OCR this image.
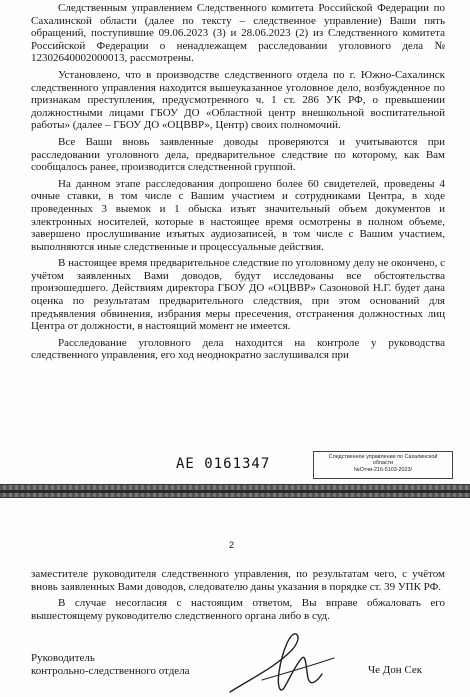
Следственным управлением Следственного комитета Российской Федерации по Сахалинской области (далее по тексту – следственное управление) Ваши пять обращений, поступившие 09.06.2023 (3) и 28.06.2023 (2) из Следственного комитета Российской Федерации о ненадлежащем расследовании уголовного дела № 12302640002000013, рассмотрены.

Установлено, что в производстве следственного отдела по г. Южно-Сахалинск следственного управления находится вышеуказанное уголовное дело, возбужденное по признакам преступления, предусмотренного ч. 1 ст. 286 УК РФ, о превышении должностными лицами ГБОУ ДО «Областной центр внешкольной воспитательной работы» (далее – ГБОУ ДО «ОЦВВР», Центр) своих полномочий.

Все Ваши вновь заявленные доводы проверяются и учитываются при расследовании уголовного дела, предварительное следствие по которому, как Вам сообщалось ранее, производится следственной группой.

На данном этапе расследования допрошено более 60 свидетелей, проведены 4 очные ставки, в том числе с Вашим участием и сотрудниками Центра, в ходе проведенных 3 выемок и 1 обыска изъят значительный объем документов и электронных носителей, которые в настоящее время осмотрены в полном объеме, завершено прослушивание изъятых аудиозаписей, в том числе с Вашим участием, выполняются иные следственные и процессуальные действия.

В настоящее время предварительное следствие по уголовному делу не окончено, с учётом заявленных Вами доводов, будут исследованы все обстоятельства произошедшего. Действиям директора ГБОУ ДО «ОЦВВР» Сазоновой Н.Г. будет дана оценка по результатам предварительного следствия, при этом оснований для предъявления обвинения, избрания меры пресечения, отстранения должностных лиц Центра от должности, в настоящий момент не имеется.

Расследование уголовного дела находится на контроле у руководства следственного управления, его ход неоднократно заслушивался при

АЕ 0161347	Следственное управление по Сахалинской
области
№Отчи-216-5103-2023/
2

заместителе руководителя следственного управления, по результатам чего, с учётом вновь заявленных Вами доводов, следователю даны указания в порядке ст. 39 УПК РФ.

В случае несогласия с настоящим ответом, Вы вправе обжаловать его вышестоящему руководителю следственного органа либо в суд.

Руководитель
контрольно-следственного отдела	Че Дон Сек
